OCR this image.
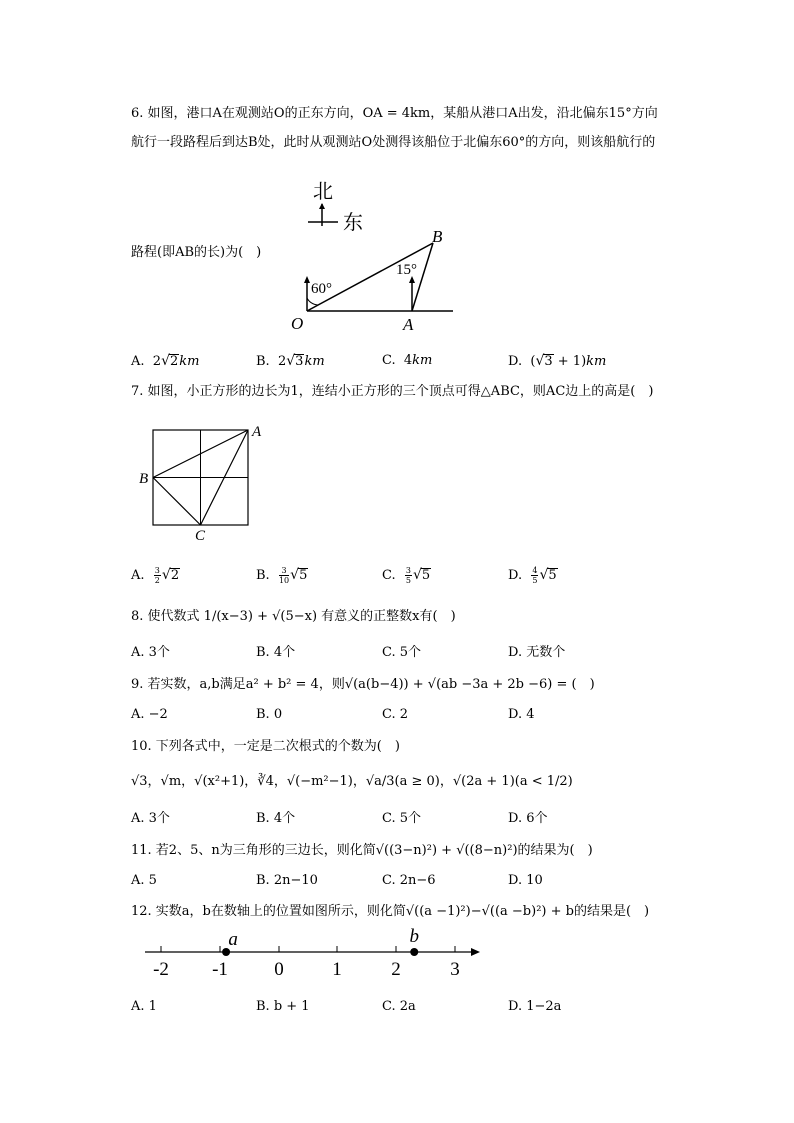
6. 如图，港口A在观测站O的正东方向，OA = 4km，某船从港口A出发，沿北偏东15°方向
航行一段路程后到达B处，此时从观测站O处测得该船位于北偏东60°的方向，则该船航行的
路程(即AB的长)为(　)
北
东
60°
15°
O	A
B
A.  2√2km	B.  2√3km	C.  4km	D.  (√3 + 1)km
7. 如图，小正方形的边长为1，连结小正方形的三个顶点可得△ABC，则AC边上的高是(　)
A
B
C
A. $\frac{3}{2} √2$	B. $\frac{3}{10} √5$	C. $\frac{3}{5} √5$	D. $\frac{4}{5} √5$
8. 使代数式 1/(x−3) + √(5−x) 有意义的正整数x有(　)
A. 3个	B. 4个	C. 5个	D. 无数个
9. 若实数，a,b满足a² + b² = 4，则√(a(b−4)) + √(ab −3a + 2b −6) = (　)
A. −2	B. 0	C. 2	D. 4
10. 下列各式中，一定是二次根式的个数为(　)
√3，√m，√(x²+1)，∛4，√(−m²−1)，√a/3(a ≥ 0)，√(2a + 1)(a < 1/2)
A. 3个	B. 4个	C. 5个	D. 6个
11. 若2、5、n为三角形的三边长，则化简√((3−n)²) + √((8−n)²)的结果为(　)
A. 5	B. 2n−10	C. 2n−6	D. 10
12. 实数a，b在数轴上的位置如图所示，则化简√((a −1)²)−√((a −b)²) + b的结果是(　)
-2 -1 0	1	2	3
a	b
A. 1	B. b + 1	C. 2a	D. 1−2a
